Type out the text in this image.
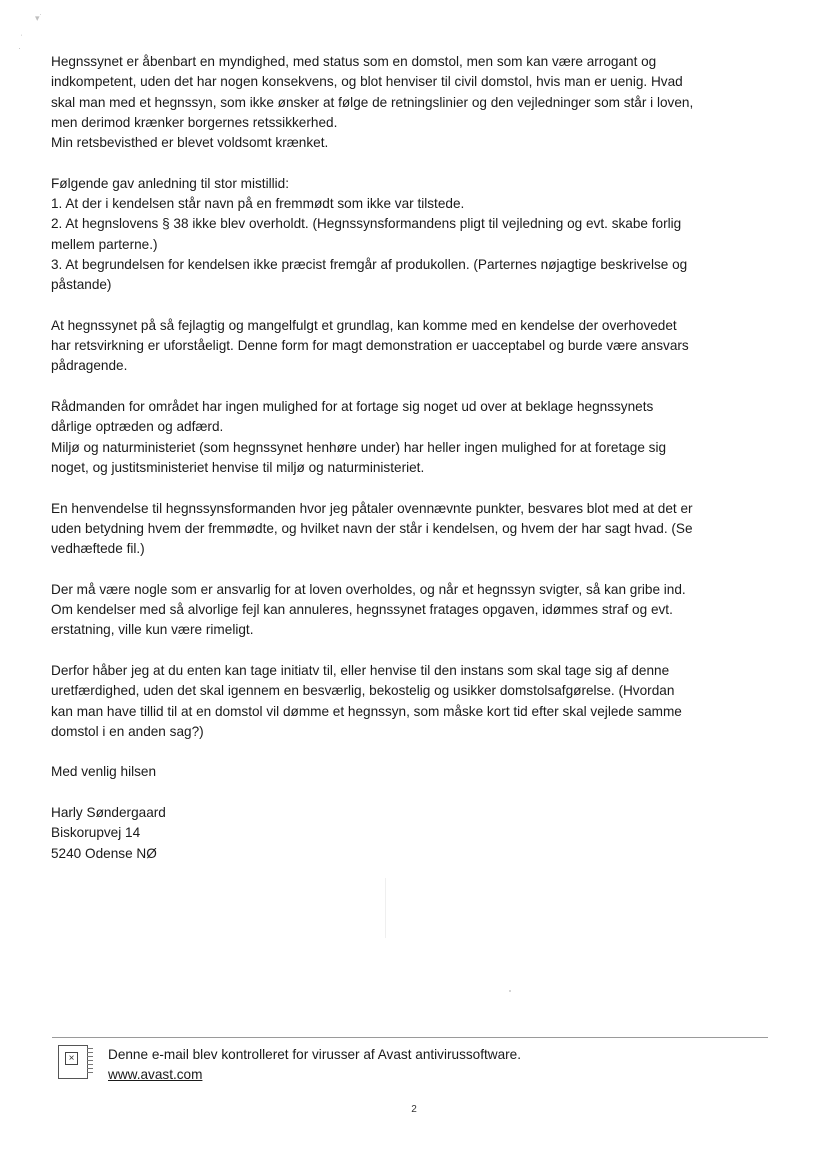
▾˙
ˈ
·

Hegnssynet er åbenbart en myndighed, med status som en domstol, men som kan være arrogant og
indkompetent, uden det har nogen konsekvens, og blot henviser til civil domstol, hvis man er uenig. Hvad
skal man med et hegnssyn, som ikke ønsker at følge de retningslinier og den vejledninger som står i loven,
men derimod krænker borgernes retssikkerhed.
Min retsbevisthed er blevet voldsomt krænket.

Følgende gav anledning til stor mistillid:
1. At der i kendelsen står navn på en fremmødt som ikke var tilstede.
2. At hegnslovens § 38 ikke blev overholdt. (Hegnssynsformandens pligt til vejledning og evt. skabe forlig
mellem parterne.)
3. At begrundelsen for kendelsen ikke præcist fremgår af produkollen. (Parternes nøjagtige beskrivelse og
påstande)

At hegnssynet på så fejlagtig og mangelfulgt et grundlag, kan komme med en kendelse der overhovedet
har retsvirkning er uforståeligt. Denne form for magt demonstration er uacceptabel og burde være ansvars
pådragende.

Rådmanden for området har ingen mulighed for at fortage sig noget ud over at beklage hegnssynets
dårlige optræden og adfærd.
Miljø og naturministeriet (som hegnssynet henhøre under) har heller ingen mulighed for at foretage sig
noget, og justitsministeriet henvise til miljø og naturministeriet.

En henvendelse til hegnssynsformanden hvor jeg påtaler ovennævnte punkter, besvares blot med at det er
uden betydning hvem der fremmødte, og hvilket navn der står i kendelsen, og hvem der har sagt hvad. (Se
vedhæftede fil.)

Der må være nogle som er ansvarlig for at loven overholdes, og når et hegnssyn svigter, så kan gribe ind.
Om kendelser med så alvorlige fejl kan annuleres, hegnssynet fratages opgaven, idømmes straf og evt.
erstatning, ville kun være rimeligt.

Derfor håber jeg at du enten kan tage initiatv til, eller henvise til den instans som skal tage sig af denne
uretfærdighed, uden det skal igennem en besværlig, bekostelig og usikker domstolsafgørelse. (Hvordan
kan man have tillid til at en domstol vil dømme et hegnssyn, som måske kort tid efter skal vejlede samme
domstol i en anden sag?)

Med venlig hilsen

Harly Søndergaard
Biskorupvej 14
5240 Odense NØ

× Denne e-mail blev kontrolleret for virusser af Avast antivirussoftware.
www.avast.com
2
